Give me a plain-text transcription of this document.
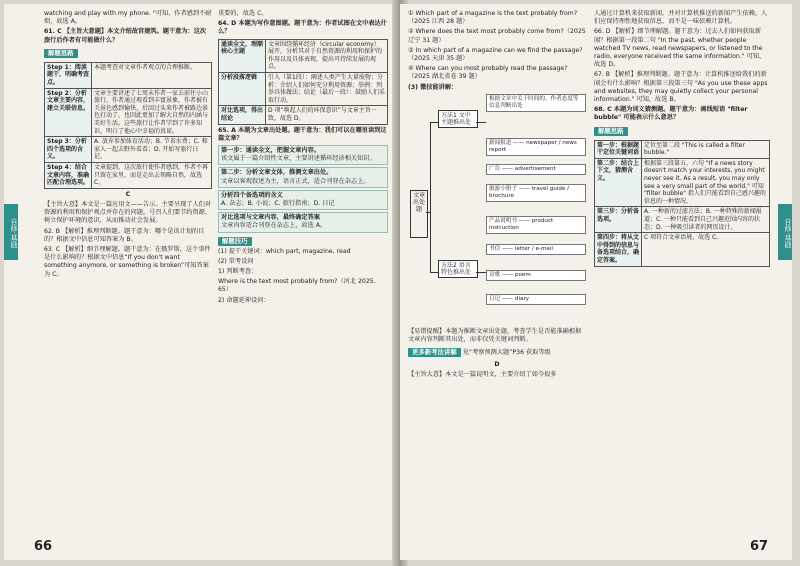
自修·基础

watching and play with my phone. "可知，作者感到不耐烦，故选 A。

61. C 【主旨大意题】本文介绍故宫建筑。题干意为：这次旅行后作者有可能做什么？

解题思路
Step 1：阅读题干，明确考查点。	本题考查对文章作者观点的合理推断。
Step 2：分析文章主要内容，建立关联信息。	文章主要讲述了七周末作者一家去前往小山旅行，作者通过观看到丰富景象，作者被有关景色感到愉快，后回过头来作者被路边景色打动了，也因此更加了解大自然的内涵与美好生活。这些旅行让作者学到了许多知识，明白了他心中幸福的真谛。
Step 3：分析四个选项的含义。	A. 放弃参加体育活动；B. 节省水费；C. 和家人一起去野外看看；D. 开始写旅行日记。
Step 4：结合文章内容，准确匹配合理选项。	文章提到，这次旅行使作者感到，作者不再只留在家里，而是走出去领略自然，故选 C。
C

【主旨大意】本文是一篇应用文——告示。主要呈现了人们对资源的利用和保护观点并存在的问题，号召人们要节约资源，树立保护环境的意识，从而推动社会发展。

62. B 【解析】推理判断题。题干意为：哪个是该计划的目的？根据文中信息可知答案为 B。

63. C 【解析】细节理解题。题干意为：在俄罗斯，这个事件是什么影响的？根据文中信息“If you don't want something anymore, or something is broken”可知答案为 C。

重要的，故选 C。

64. D 本题为写作意图题。题干意为：作者试图在文中表达什么？

通读全文，理顺核心主题	文章围绕循环经济（circular economy）展开，分析其对于自然资源的利用和保护的作用以及具体表现，提出可持续发展的观点。
分析段落逻辑	引入（第1段）：阐述人类产生大量废物；分析：介绍人们如何充分利用资源；举例：列举具体做法；结论（最后一段）：鼓励人们采取行动。
对比选项，得出结论	D 项“唤起人们的环保意识”与文章主旨一致，故选 D。

65. A 本题为文章出处题。题干意为：我们可以在哪里读到这篇文章？

第一步：通读全文，把握文章内容。
该文属于一篇介绍性文章，主要讲述循环经济相关知识。
第二步：分析文章文体，推测文章出处。
文章以客观叙述为主，语言正式，适合刊登在杂志上。
分析四个备选项的含义
A. 杂志；B. 小说；C. 旅行指南；D. 日记
对比选项与文章内容，最终确定答案
文章内容适合刊登在杂志上，故选 A。
解题技巧

(1) 提干关键词：which part, magazine, read

(2) 常考设问

1) 判断考查：

Where is the text most probably from?（河北 2025. 65）

2) 命题延伸设问：

66
自修·基础

① Which part of a magazine is the text probably from?（2025 江西 28 题）

② Where does the text most probably come from?（2025 辽宁 31 题）

③ In which part of a magazine can we find the passage?（2025 天津 35 题）

④ Where can you most probably read the passage?（2025 湖北省卷 39 题）

(3) 微技能讲解：

文章出处题
方法1 文中主题推出处
方法2 语言特色推出处
根据文章中关于时间的、作者态度等信息判断出处
新闻报道 —— newspaper / news report
广告 —— advertisement
旅游小册子 —— travel guide / brochure
产品说明书 —— product instruction
书信 —— letter / e-mail
诗歌 —— poem
日记 —— diary

【易错提醒】本题为推断文章出处题，考查学生是否能准确根据文章内容判断其出处，而非仅凭关键词判断。

更多新考法讲解 见“考察预测大题”P36 获取等级

D

【主旨大意】本文是一篇说明文，主要介绍了如今很多

人通过计算机来获取新闻，并对计算机推送的新闻产生依赖，人们应保持理性地获取信息，而不是一味依赖计算机。

66. D 【解析】细节理解题。题干意为：过去人们如何获取新闻？根据第一段第二句 "In the past, whether people watched TV news, read newspapers, or listened to the radio, everyone received the same information." 可知，故选 D。

67. B 【解析】推理判断题。题干意为：计算机推送给我们的新闻会有什么影响？根据第三段第三句 "As you use these apps and websites, they may quietly collect your personal information." 可知，故选 B。

68. C 本题为词义猜测题。题干意为：画线短语 "filter bubble" 可能表示什么意思？

解题思路
第一步：根据题干定位关键词语	定位至第二段 "This is called a filter bubble."
第二步：结合上下文，猜测含义。	根据第三段第五、六句 "If a news story doesn't match your interests, you might never see it. As a result, you may only see a very small part of the world." 可知 "filter bubble" 指人们只能看到自己感兴趣的信息的一种情况。
第三步：分析备选项。	A. 一种新的过滤方法；B. 一种特殊的新闻报道；C. 一种只能看到自己兴趣范围内容的状态；D. 一种吸引读者的网页设计。
第四步：将从文中得到的信息与备选项结合，确定答案。	C 项符合文章语境，故选 C。
67
